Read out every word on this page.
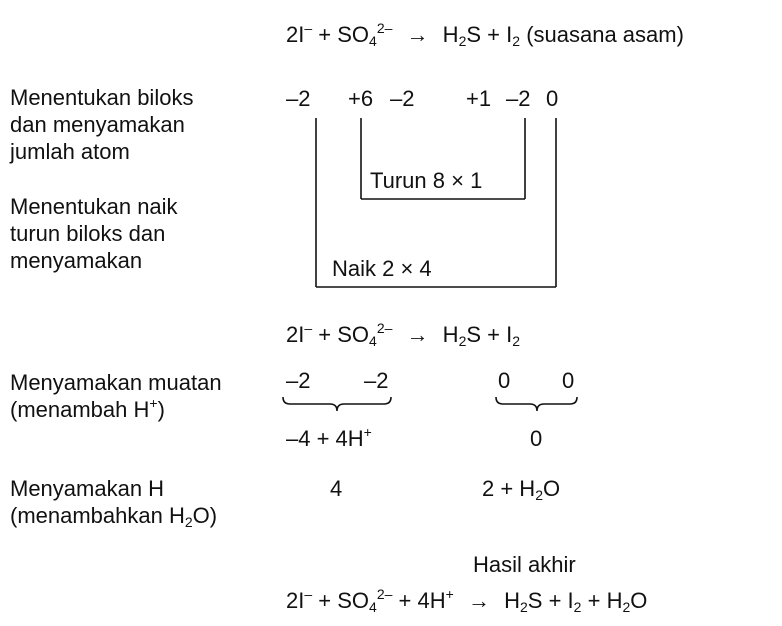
$2I^- + SO_4^{2-} \to H_2S + I_2$ (suasana asam)
Menentukan biloks
dan menyamakan
jumlah atom
–2 +6 –2 +1 –2 0
Turun 8 × 1
Naik 2 × 4
Menentukan naik
turun biloks dan
menyamakan
$2I^- + SO_4^{2-} \to H_2S + I_2$
Menyamakan muatan
(menambah H+)
–2 –2	0 0
–4 + 4H+	0
Menyamakan H
(menambahkan $H_2O$)
4	$2 + H_2O$
Hasil akhir
$2I^- + SO_4^{2-} + 4H^+ \to H_2S + I_2 + H_2O$
